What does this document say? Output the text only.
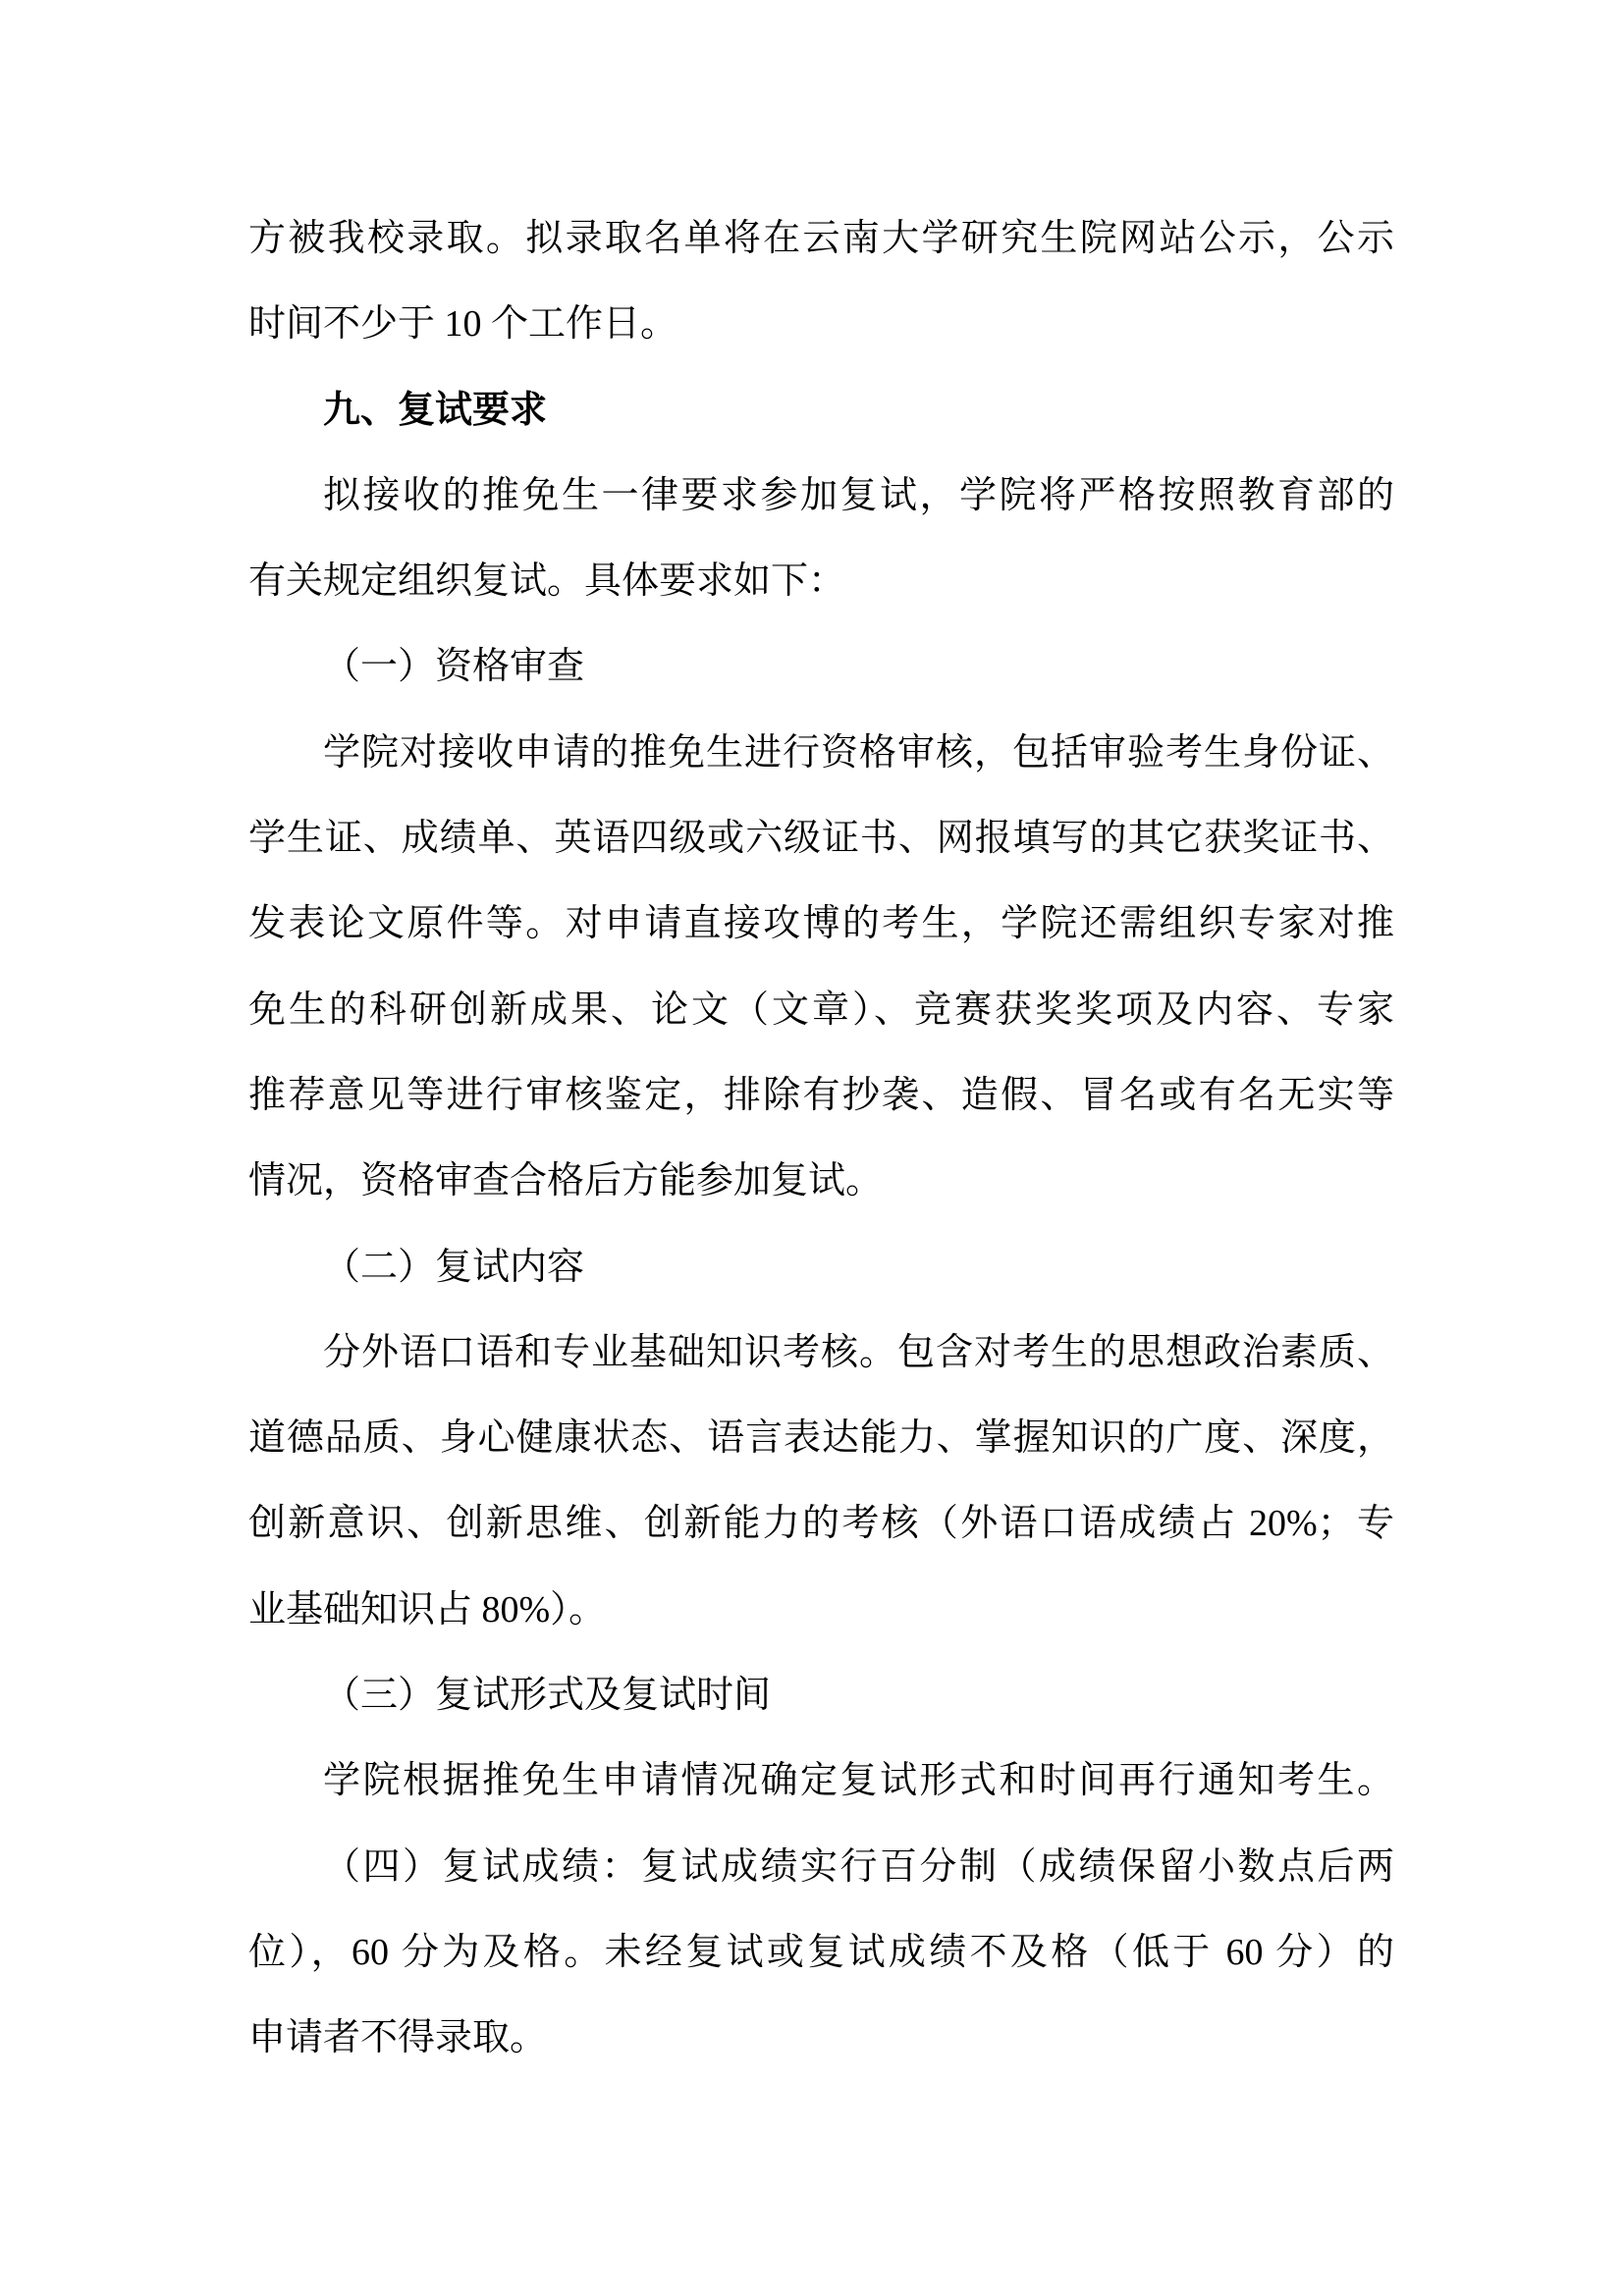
方被我校录取。拟录取名单将在云南大学研究生院网站公示，公示
时间不少于 10 个工作日。
九、复试要求
拟接收的推免生一律要求参加复试，学院将严格按照教育部的
有关规定组织复试。具体要求如下：
（一）资格审查
学院对接收申请的推免生进行资格审核，包括审验考生身份证、
学生证、成绩单、英语四级或六级证书、网报填写的其它获奖证书、
发表论文原件等。对申请直接攻博的考生，学院还需组织专家对推
免生的科研创新成果、论文（文章）、竞赛获奖奖项及内容、专家
推荐意见等进行审核鉴定，排除有抄袭、造假、冒名或有名无实等
情况，资格审查合格后方能参加复试。
（二）复试内容
分外语口语和专业基础知识考核。包含对考生的思想政治素质、
道德品质、身心健康状态、语言表达能力、掌握知识的广度、深度，
创新意识、创新思维、创新能力的考核（外语口语成绩占 20%；专
业基础知识占 80%）。
（三）复试形式及复试时间
学院根据推免生申请情况确定复试形式和时间再行通知考生。
（四）复试成绩：复试成绩实行百分制（成绩保留小数点后两
位），60 分为及格。未经复试或复试成绩不及格（低于 60 分）的
申请者不得录取。
